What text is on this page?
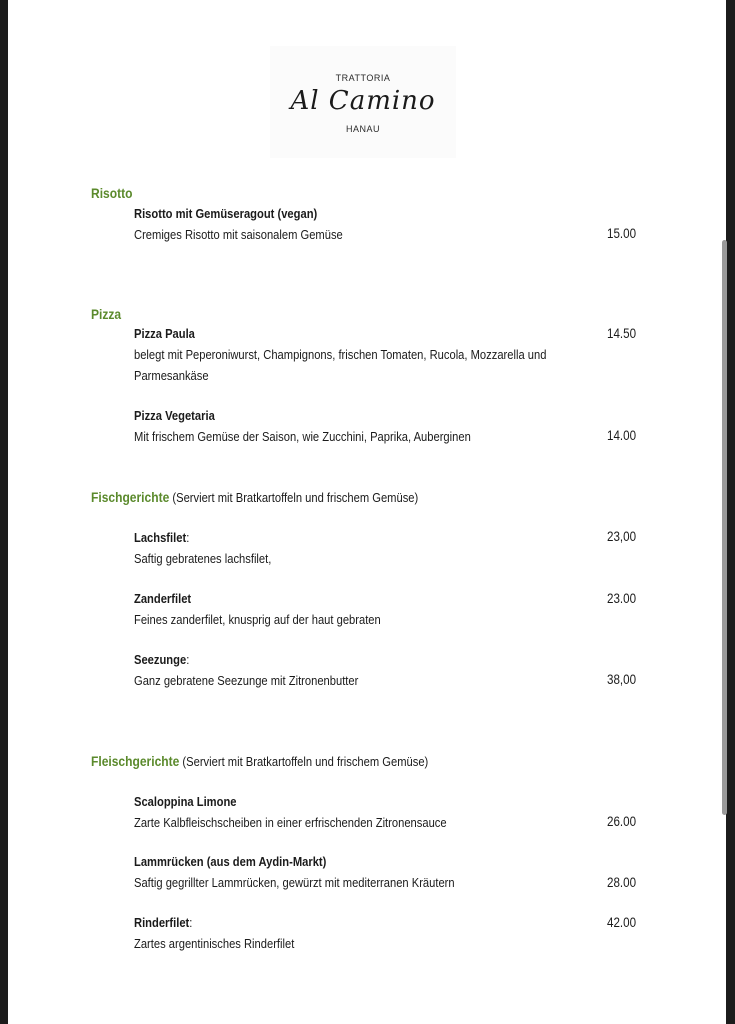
TRATTORIA
Al Camino
HANAU
Risotto
Risotto mit Gemüseragout (vegan)
Cremiges Risotto mit saisonalem Gemüse	15.00
Pizza
Pizza Paula	14.50
belegt mit Peperoniwurst, Champignons, frischen Tomaten, Rucola, Mozzarella und
Parmesankäse
Pizza Vegetaria
Mit frischem Gemüse der Saison, wie Zucchini, Paprika, Auberginen	14.00
Fischgerichte (Serviert mit Bratkartoffeln und frischem Gemüse)
Lachsfilet:	23,00
Saftig gebratenes lachsfilet,
Zanderfilet	23.00
Feines zanderfilet, knusprig auf der haut gebraten
Seezunge:
Ganz gebratene Seezunge mit Zitronenbutter	38,00
Fleischgerichte (Serviert mit Bratkartoffeln und frischem Gemüse)
Scaloppina Limone
Zarte Kalbfleischscheiben in einer erfrischenden Zitronensauce	26.00
Lammrücken (aus dem Aydin-Markt)
Saftig gegrillter Lammrücken, gewürzt mit mediterranen Kräutern	28.00
Rinderfilet:	42.00
Zartes argentinisches Rinderfilet
